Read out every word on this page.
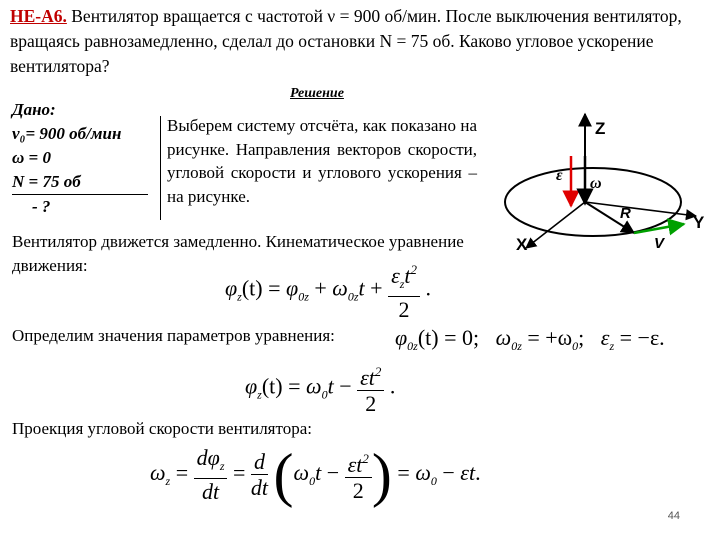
НЕ-А6. Вентилятор вращается с частотой ν = 900 об/мин. После выключения вентилятор, вращаясь равнозамедленно, сделал до остановки N = 75 об. Каково угловое ускорение вентилятора?
Решение
Дано:
ν₀= 900 об/мин
ω = 0
N = 75 об
- ?
Выберем систему отсчёта, как показано на рисунке. Направления векторов скорости, угловой скорости и углового ускорения – на рисунке.
Z
Y
X
R
V
ε ω
Вентилятор движется замедленно. Кинематическое уравнение движения:
$\varphi_z(t) = \varphi_{0z} + \omega_{0z}t + \frac{\varepsilon_zt^2}{2}$ .
Определим значения параметров уравнения:	$\varphi_{0z}(t) = 0$; $\omega_{0z} = +\omega_0$; $\varepsilon_z = -\varepsilon$.
$\varphi_z(t) = \omega_0t - \frac{\varepsilon t^2}{2}$ .
Проекция угловой скорости вентилятора:
$\omega_z = \frac{d\varphi_z}{dt} = \frac{d}{dt} (\omega_0t - \frac{\varepsilon t^2}{2}$ ) = $\omega_0 - \varepsilon t$.
44
